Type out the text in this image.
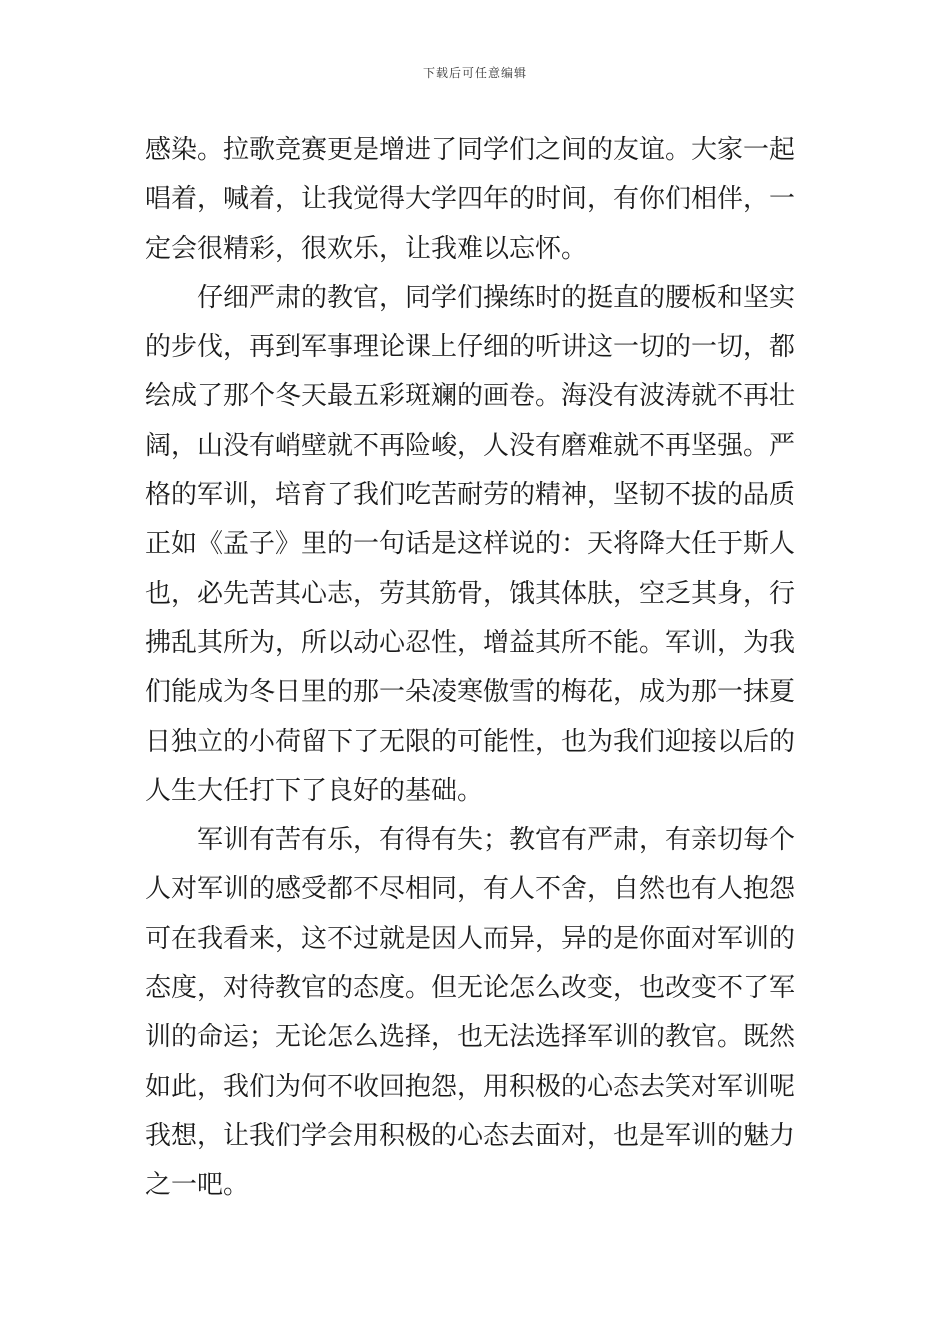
下载后可任意编辑
感染。拉歌竞赛更是增进了同学们之间的友谊。大家一起
唱着，喊着，让我觉得大学四年的时间，有你们相伴，一
定会很精彩，很欢乐，让我难以忘怀。
仔细严肃的教官，同学们操练时的挺直的腰板和坚实
的步伐，再到军事理论课上仔细的听讲这一切的一切，都
绘成了那个冬天最五彩斑斓的画卷。海没有波涛就不再壮
阔，山没有峭壁就不再险峻，人没有磨难就不再坚强。严
格的军训，培育了我们吃苦耐劳的精神，坚韧不拔的品质
正如《孟子》里的一句话是这样说的：天将降大任于斯人
也，必先苦其心志，劳其筋骨，饿其体肤，空乏其身，行
拂乱其所为，所以动心忍性，增益其所不能。军训，为我
们能成为冬日里的那一朵凌寒傲雪的梅花，成为那一抹夏
日独立的小荷留下了无限的可能性，也为我们迎接以后的
人生大任打下了良好的基础。
军训有苦有乐，有得有失；教官有严肃，有亲切每个
人对军训的感受都不尽相同，有人不舍，自然也有人抱怨
可在我看来，这不过就是因人而异，异的是你面对军训的
态度，对待教官的态度。但无论怎么改变，也改变不了军
训的命运；无论怎么选择，也无法选择军训的教官。既然
如此，我们为何不收回抱怨，用积极的心态去笑对军训呢
我想，让我们学会用积极的心态去面对，也是军训的魅力
之一吧。
